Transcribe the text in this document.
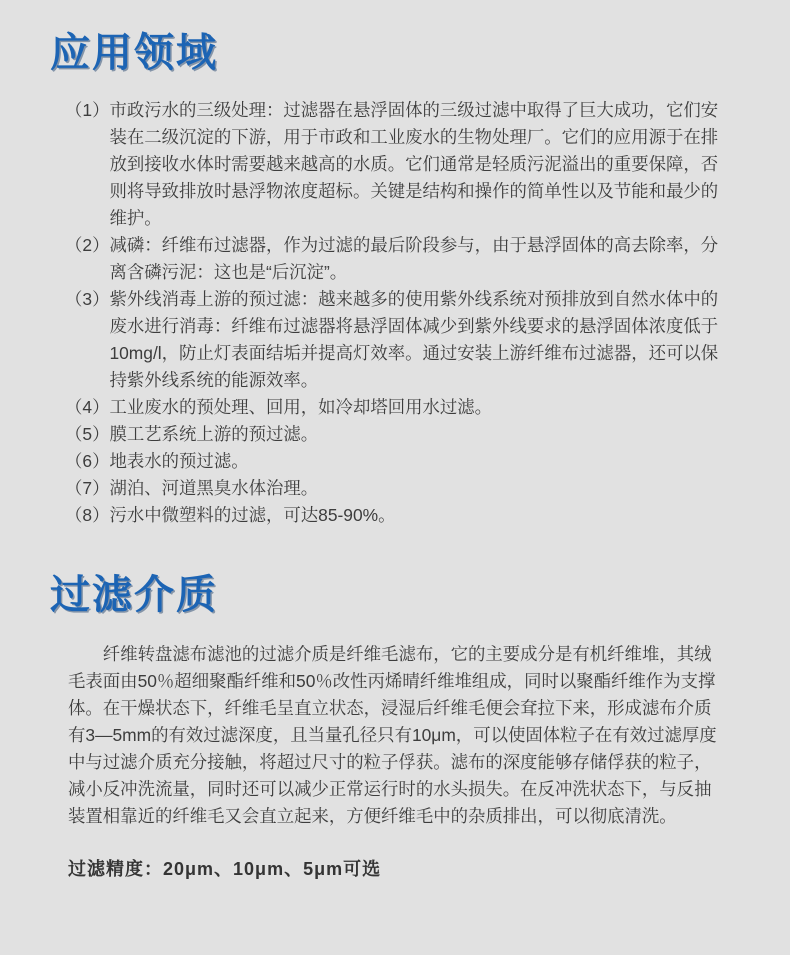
应用领域
（1） 市政污水的三级处理：过滤器在悬浮固体的三级过滤中取得了巨大成功，它们安装在二级沉淀的下游，用于市政和工业废水的生物处理厂。它们的应用源于在排放到接收水体时需要越来越高的水质。它们通常是轻质污泥溢出的重要保障，否则将导致排放时悬浮物浓度超标。关键是结构和操作的简单性以及节能和最少的维护。
（2） 减磷：纤维布过滤器，作为过滤的最后阶段参与，由于悬浮固体的高去除率，分离含磷污泥：这也是“后沉淀”。
（3） 紫外线消毒上游的预过滤：越来越多的使用紫外线系统对预排放到自然水体中的废水进行消毒：纤维布过滤器将悬浮固体减少到紫外线要求的悬浮固体浓度低于 10mg/l，防止灯表面结垢并提高灯效率。通过安装上游纤维布过滤器，还可以保持紫外线系统的能源效率。
（4） 工业废水的预处理、回用，如冷却塔回用水过滤。
（5） 膜工艺系统上游的预过滤。
（6） 地表水的预过滤。
（7） 湖泊、河道黑臭水体治理。
（8） 污水中微塑料的过滤，可达85-90%。
过滤介质

纤维转盘滤布滤池的过滤介质是纤维毛滤布，它的主要成分是有机纤维堆，其绒毛表面由50％超细聚酯纤维和50％改性丙烯晴纤维堆组成，同时以聚酯纤维作为支撑体。在干燥状态下，纤维毛呈直立状态，浸湿后纤维毛便会耷拉下来，形成滤布介质有3—5mm的有效过滤深度，且当量孔径只有10μm，可以使固体粒子在有效过滤厚度中与过滤介质充分接触，将超过尺寸的粒子俘获。滤布的深度能够存储俘获的粒子，减小反冲洗流量，同时还可以减少正常运行时的水头损失。在反冲洗状态下，与反抽装置相靠近的纤维毛又会直立起来，方便纤维毛中的杂质排出，可以彻底清洗。

过滤精度：20μm、10μm、5μm可选
